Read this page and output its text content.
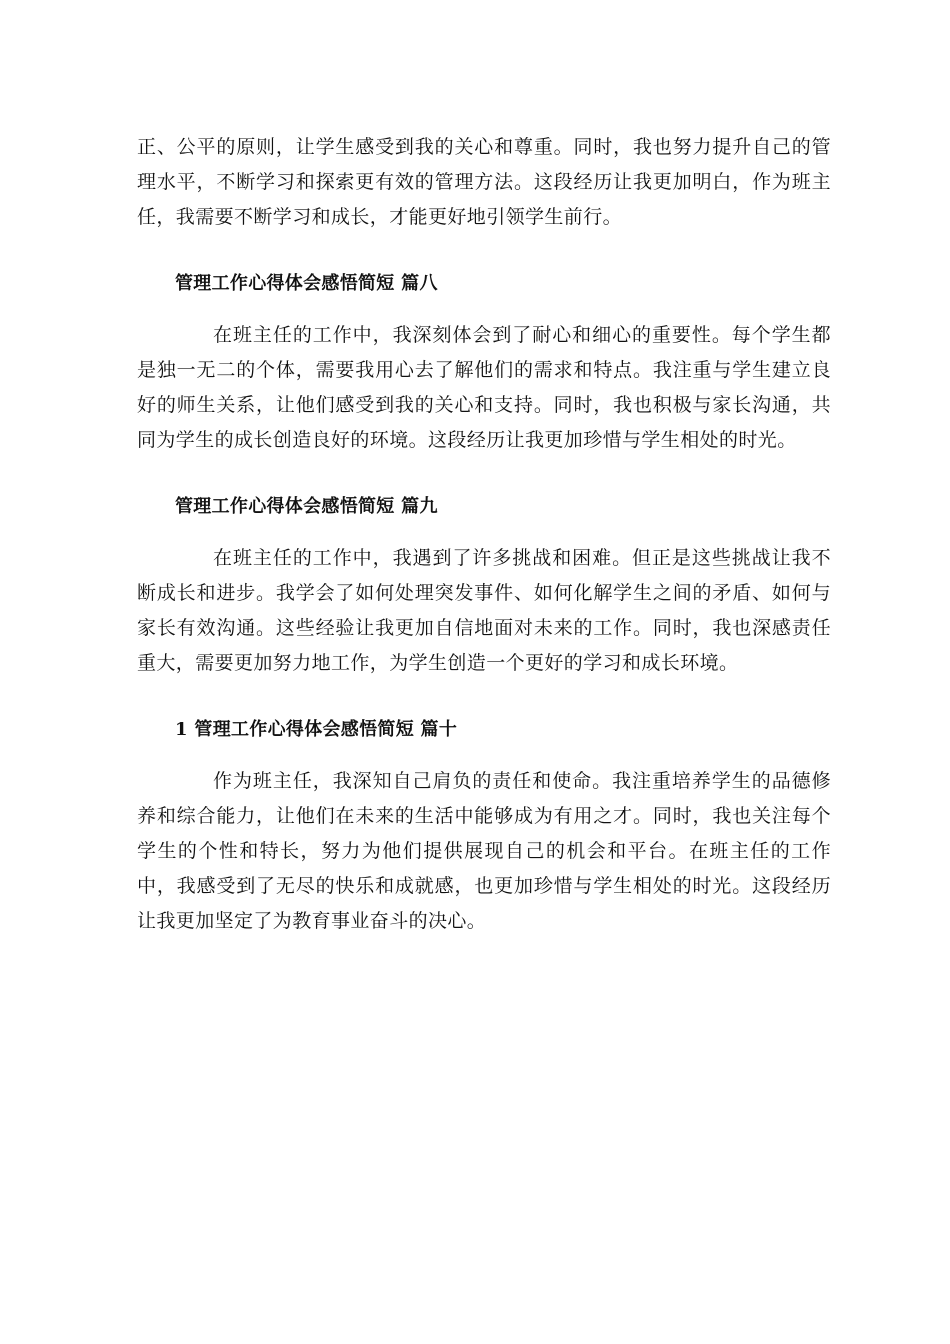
正、公平的原则，让学生感受到我的关心和尊重。同时，我也努力提升自己的管理水平，不断学习和探索更有效的管理方法。这段经历让我更加明白，作为班主任，我需要不断学习和成长，才能更好地引领学生前行。

管理工作心得体会感悟简短 篇八

在班主任的工作中，我深刻体会到了耐心和细心的重要性。每个学生都是独一无二的个体，需要我用心去了解他们的需求和特点。我注重与学生建立良好的师生关系，让他们感受到我的关心和支持。同时，我也积极与家长沟通，共同为学生的成长创造良好的环境。这段经历让我更加珍惜与学生相处的时光。

管理工作心得体会感悟简短 篇九

在班主任的工作中，我遇到了许多挑战和困难。但正是这些挑战让我不断成长和进步。我学会了如何处理突发事件、如何化解学生之间的矛盾、如何与家长有效沟通。这些经验让我更加自信地面对未来的工作。同时，我也深感责任重大，需要更加努力地工作，为学生创造一个更好的学习和成长环境。

1 管理工作心得体会感悟简短 篇十

作为班主任，我深知自己肩负的责任和使命。我注重培养学生的品德修养和综合能力，让他们在未来的生活中能够成为有用之才。同时，我也关注每个学生的个性和特长，努力为他们提供展现自己的机会和平台。在班主任的工作中，我感受到了无尽的快乐和成就感，也更加珍惜与学生相处的时光。这段经历让我更加坚定了为教育事业奋斗的决心。
